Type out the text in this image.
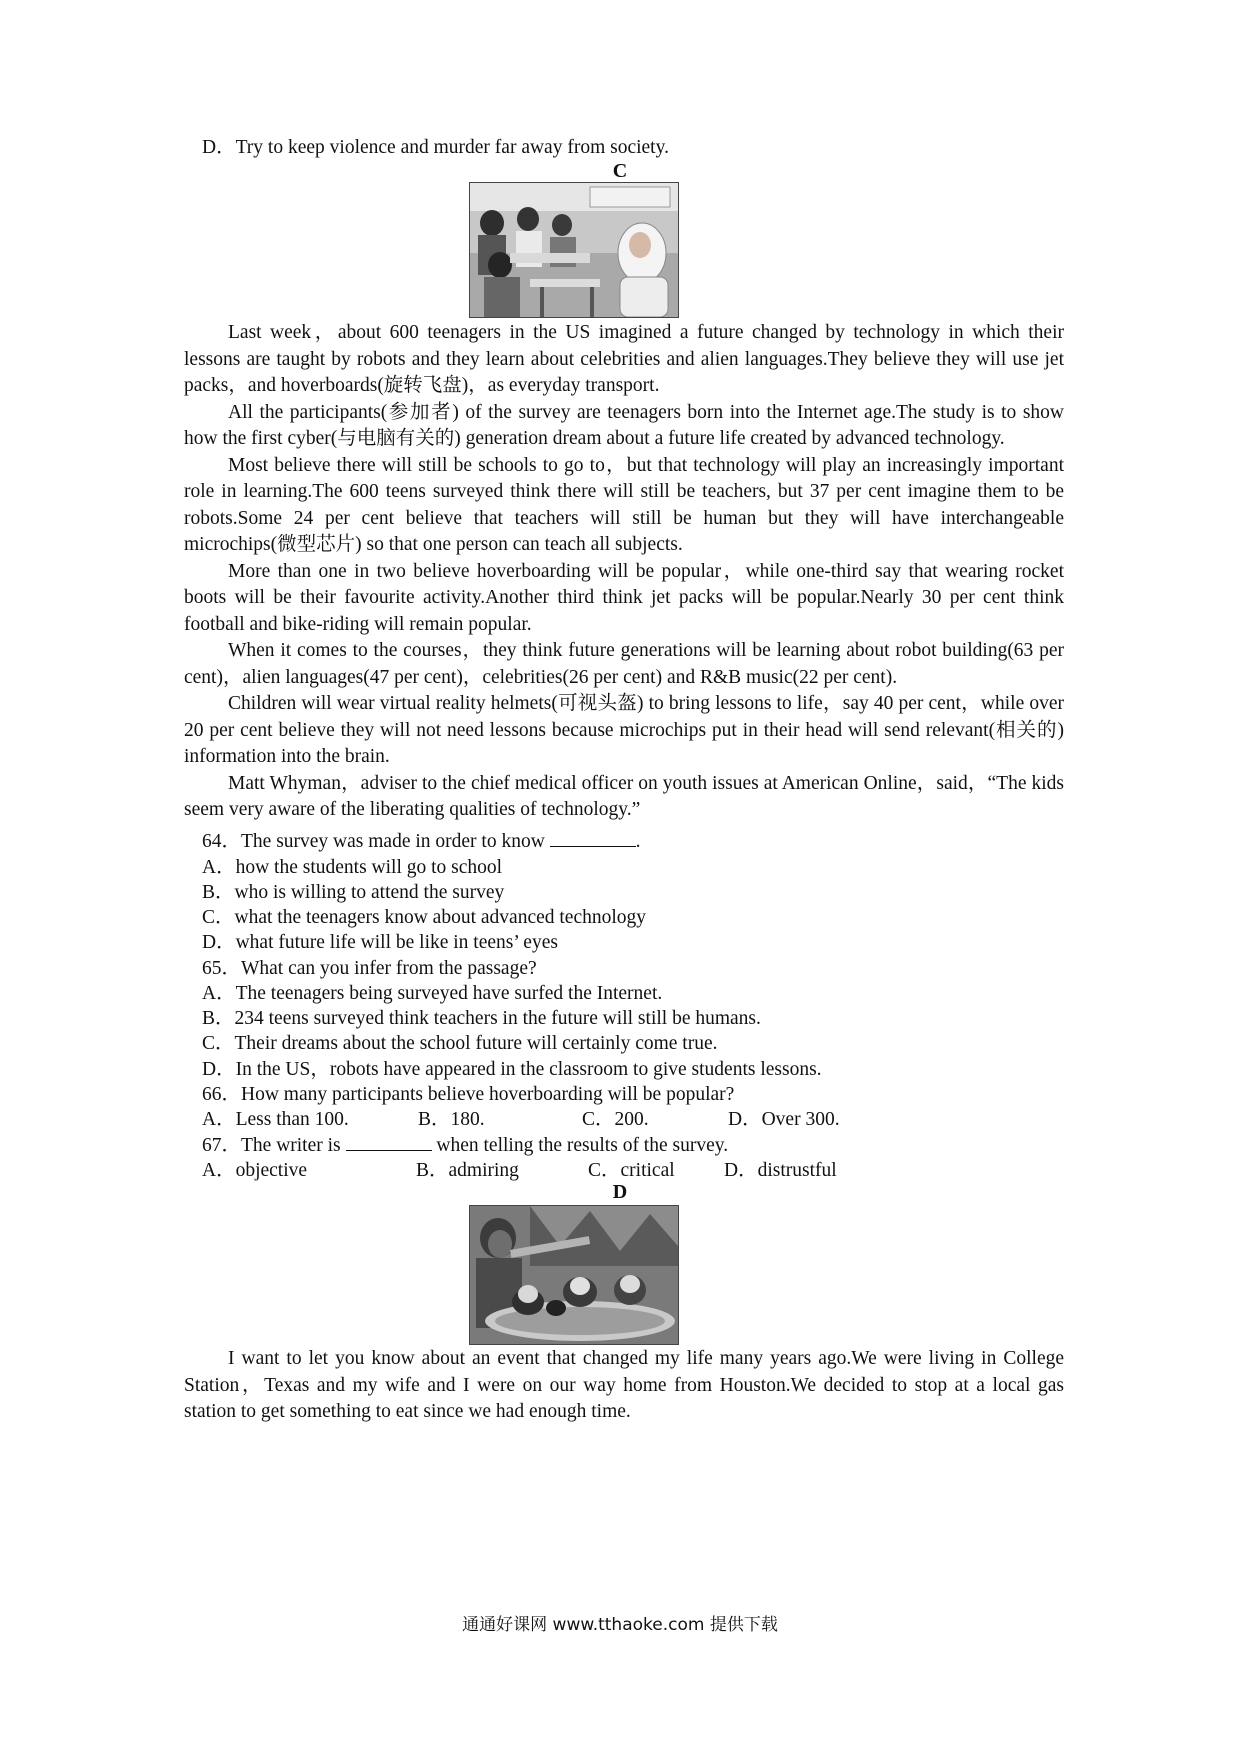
D．Try to keep violence and murder far away from society.
C

Last week，about 600 teenagers in the US imagined a future changed by technology in which their lessons are taught by robots and they learn about celebrities and alien languages.They believe they will use jet packs，and hoverboards(旋转飞盘)，as everyday transport.

All the participants(参加者) of the survey are teenagers born into the Internet age.The study is to show how the first cyber(与电脑有关的) generation dream about a future life created by advanced technology.

Most believe there will still be schools to go to，but that technology will play an increasingly important role in learning.The 600 teens surveyed think there will still be teachers, but 37 per cent imagine them to be robots.Some 24 per cent believe that teachers will still be human but they will have interchangeable microchips(微型芯片) so that one person can teach all subjects.

More than one in two believe hoverboarding will be popular，while one-third say that wearing rocket boots will be their favourite activity.Another third think jet packs will be popular.Nearly 30 per cent think football and bike-riding will remain popular.

When it comes to the courses，they think future generations will be learning about robot building(63 per cent)，alien languages(47 per cent)，celebrities(26 per cent) and R&B music(22 per cent).

Children will wear virtual reality helmets(可视头盔) to bring lessons to life，say 40 per cent，while over 20 per cent believe they will not need lessons because microchips put in their head will send relevant(相关的) information into the brain.

Matt Whyman，adviser to the chief medical officer on youth issues at American Online，said，“The kids seem very aware of the liberating qualities of technology.”

64．The survey was made in order to know	.
A．how the students will go to school
B．who is willing to attend the survey
C．what the teenagers know about advanced technology
D．what future life will be like in teens’ eyes
65．What can you infer from the passage?
A．The teenagers being surveyed have surfed the Internet.
B．234 teens surveyed think teachers in the future will still be humans.
C．Their dreams about the school future will certainly come true.
D．In the US，robots have appeared in the classroom to give students lessons.
66．How many participants believe hoverboarding will be popular?
A．Less than 100.	B．180.	C．200.	D．Over 300.
67．The writer is	when telling the results of the survey.
A．objective	B．admiring	C．critical	D．distrustful
D

I want to let you know about an event that changed my life many years ago.We were living in College Station，Texas and my wife and I were on our way home from Houston.We decided to stop at a local gas station to get something to eat since we had enough time.

通通好课网 www.tthaoke.com 提供下载
